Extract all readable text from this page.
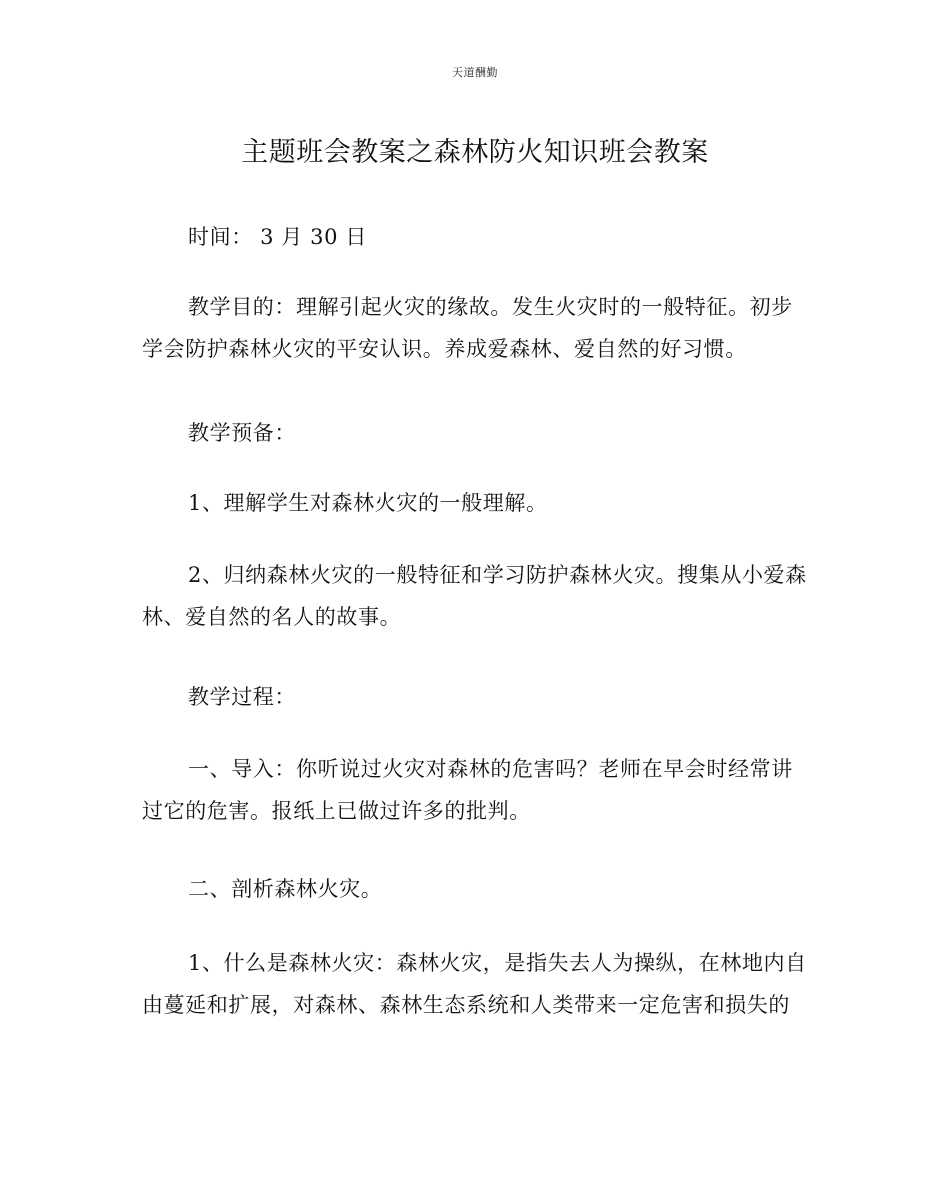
天道酬勤
主题班会教案之森林防火知识班会教案

时间： 3 月 30 日

教学目的：理解引起火灾的缘故。发生火灾时的一般特征。初步学会防护森林火灾的平安认识。养成爱森林、爱自然的好习惯。

教学预备：

1、理解学生对森林火灾的一般理解。

2、归纳森林火灾的一般特征和学习防护森林火灾。搜集从小爱森林、爱自然的名人的故事。

教学过程：

一、导入：你听说过火灾对森林的危害吗？老师在早会时经常讲过它的危害。报纸上已做过许多的批判。

二、剖析森林火灾。

1、什么是森林火灾：森林火灾，是指失去人为操纵，在林地内自由蔓延和扩展，对森林、森林生态系统和人类带来一定危害和损失的
